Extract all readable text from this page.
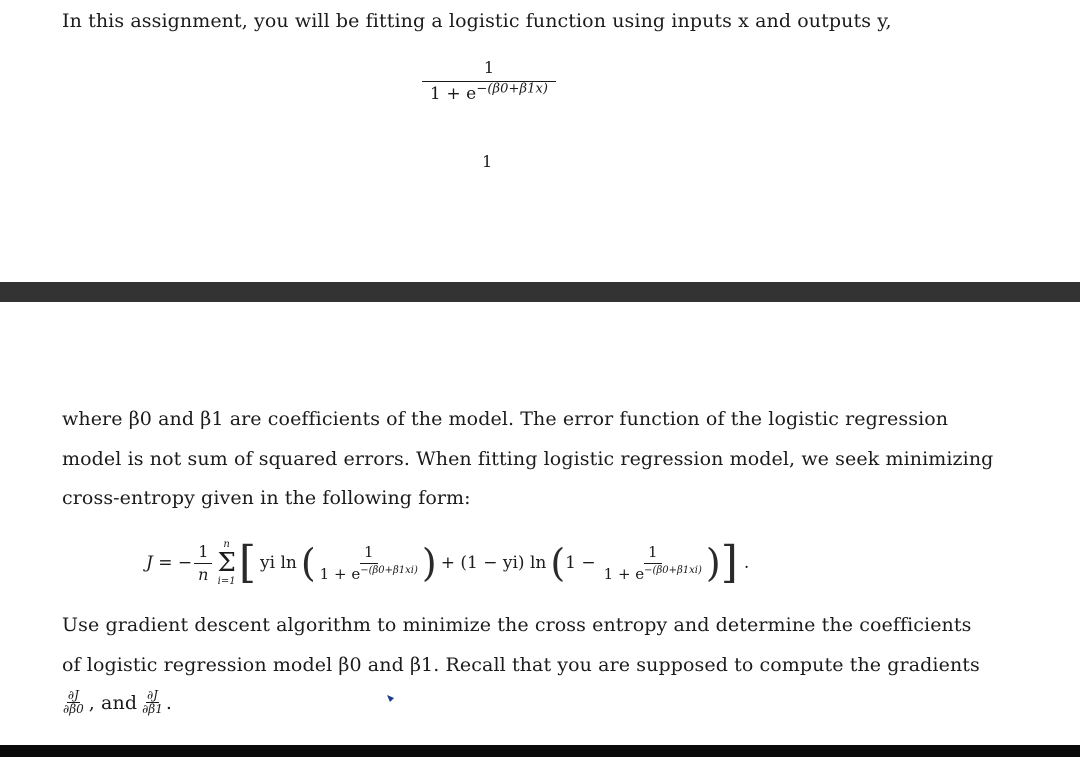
In this assignment, you will be fitting a logistic function using inputs x and outputs y,
1
$1 + e^{-(\beta 0+\beta 1x)}$
1
where β0 and β1 are coefficients of the model. The error function of the logistic regression
model is not sum of squared errors. When fitting logistic regression model, we seek minimizing
cross-entropy given in the following form:
J = − $\frac{1}{n}$ n
Σ
i=1 [ yi ln ( $\frac{1}{1 + e^{-(\beta 0+\beta 1xi)}}$ ) + (1 − yi) ln ( $1 - \frac{1}{1 + e^{-(\beta 0+\beta 1xi)}}$ ) ] .
Use gradient descent algorithm to minimize the cross entropy and determine the coefficients
of logistic regression model β0 and β1. Recall that you are supposed to compute the gradients
$\frac{\partial J}{\partial\beta 0}$ , and $\frac{\partial J}{\partial\beta 1}$ .
